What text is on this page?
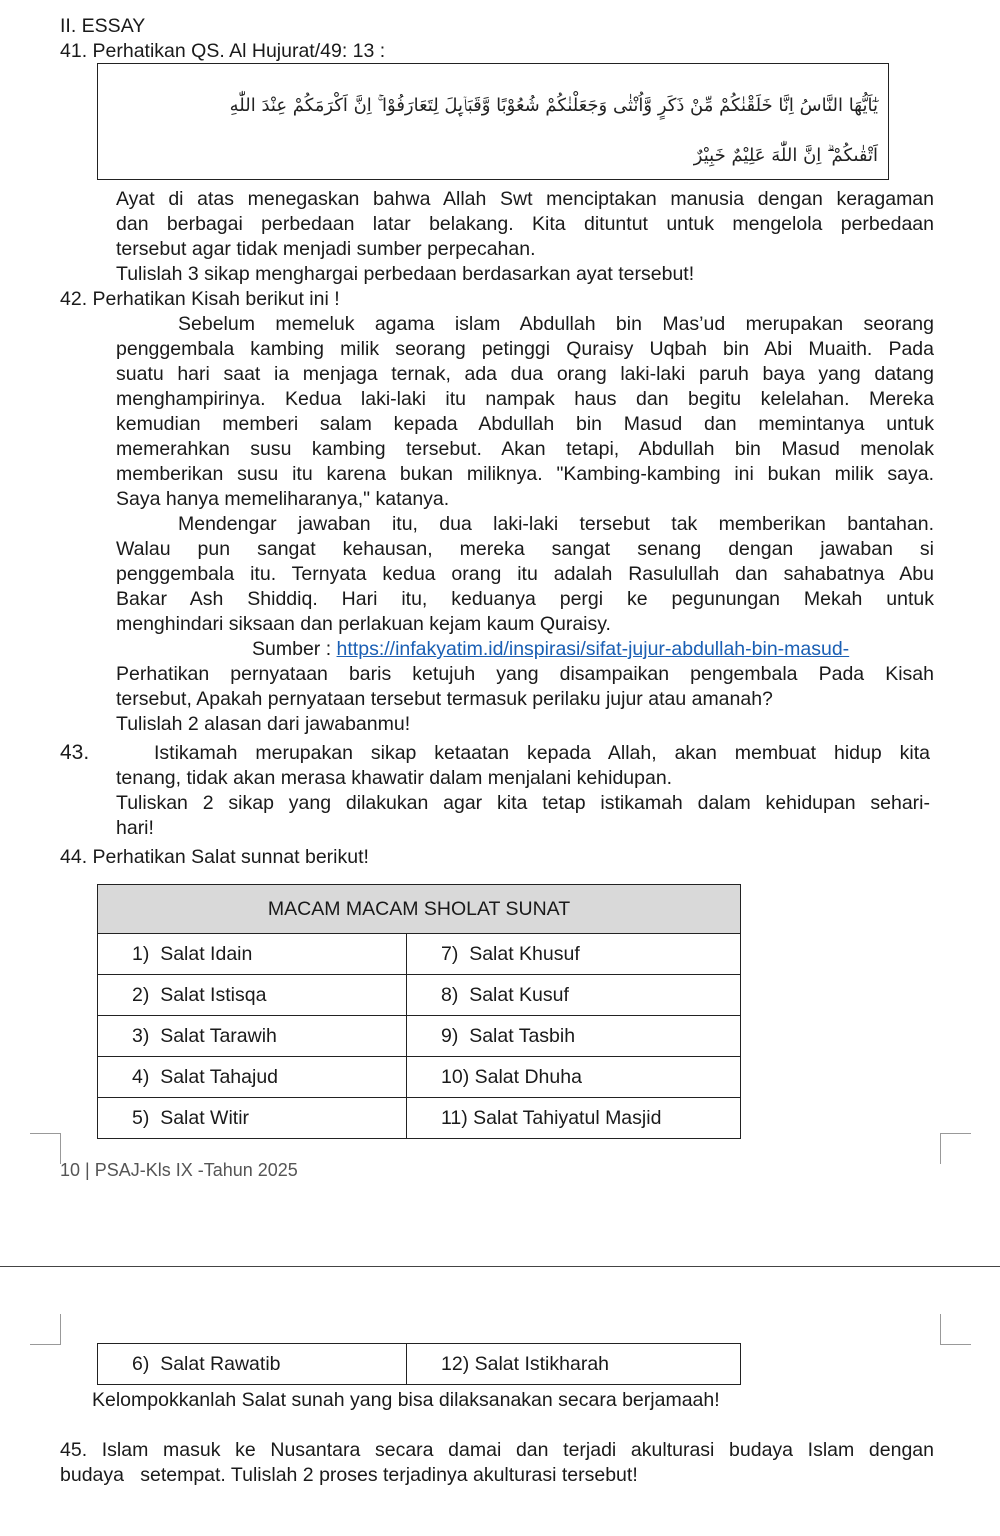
II. ESSAY
41. Perhatikan QS. Al Hujurat/49: 13 :
يٰٓاَيُّهَا النَّاسُ اِنَّا خَلَقْنٰكُمْ مِّنْ ذَكَرٍ وَّاُنْثٰى وَجَعَلْنٰكُمْ شُعُوْبًا وَّقَبَاۤىِٕلَ لِتَعَارَفُوْا ۚ اِنَّ اَكْرَمَكُمْ عِنْدَ اللّٰهِ
اَتْقٰىكُمْ ۗ اِنَّ اللّٰهَ عَلِيْمٌ خَبِيْرٌ
Ayat di atas menegaskan bahwa Allah Swt menciptakan manusia dengan keragaman
dan berbagai perbedaan latar belakang. Kita dituntut untuk mengelola perbedaan
tersebut agar tidak menjadi sumber perpecahan.
Tulislah 3 sikap menghargai perbedaan berdasarkan ayat tersebut!
42. Perhatikan Kisah berikut ini !
Sebelum memeluk agama islam Abdullah bin Mas’ud merupakan seorang
penggembala kambing milik seorang petinggi Quraisy Uqbah bin Abi Muaith. Pada
suatu hari saat ia menjaga ternak, ada dua orang laki-laki paruh baya yang datang
menghampirinya. Kedua laki-laki itu nampak haus dan begitu kelelahan. Mereka
kemudian memberi salam kepada Abdullah bin Masud dan memintanya untuk
memerahkan susu kambing tersebut. Akan tetapi, Abdullah bin Masud menolak
memberikan susu itu karena bukan miliknya. "Kambing-kambing ini bukan milik saya.
Saya hanya memeliharanya," katanya.
Mendengar jawaban itu, dua laki-laki tersebut tak memberikan bantahan.
Walau pun sangat kehausan, mereka sangat senang dengan jawaban si
penggembala itu. Ternyata kedua orang itu adalah Rasulullah dan sahabatnya Abu
Bakar Ash Shiddiq. Hari itu, keduanya pergi ke pegunungan Mekah untuk
menghindari siksaan dan perlakuan kejam kaum Quraisy.
Sumber : https://infakyatim.id/inspirasi/sifat-jujur-abdullah-bin-masud-
Perhatikan pernyataan baris ketujuh yang disampaikan pengembala Pada Kisah
tersebut, Apakah pernyataan tersebut termasuk perilaku jujur atau amanah?
Tulislah 2 alasan dari jawabanmu!
43.	Istikamah merupakan sikap ketaatan kepada Allah, akan membuat hidup kita
tenang, tidak akan merasa khawatir dalam menjalani kehidupan.
Tuliskan 2 sikap yang dilakukan agar kita tetap istikamah dalam kehidupan sehari-
hari!
44. Perhatikan Salat sunnat berikut!
MACAM MACAM SHOLAT SUNAT	

1) Salat Idain	7) Salat Khusuf

2) Salat Istisqa	8) Salat Kusuf

3) Salat Tarawih	9) Salat Tasbih

4) Salat Tahajud	10) Salat Dhuha

5) Salat Witir	11) Salat Tahiyatul Masjid
10 | PSAJ-Kls IX -Tahun 2025
6) Salat Rawatib	12) Salat Istikharah
Kelompokkanlah Salat sunah yang bisa dilaksanakan secara berjamaah!
45. Islam masuk ke Nusantara secara damai dan terjadi akulturasi budaya Islam dengan
budaya   setempat. Tulislah 2 proses terjadinya akulturasi tersebut!
